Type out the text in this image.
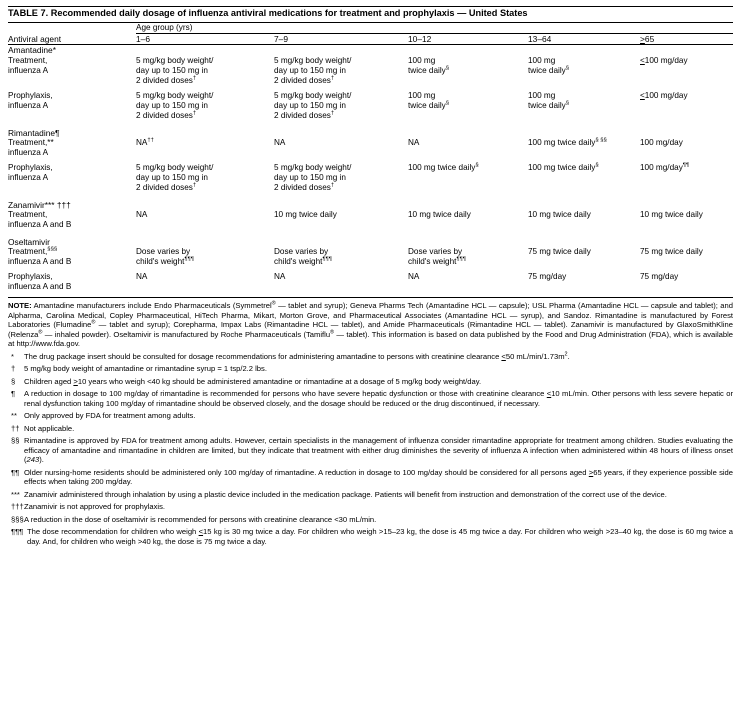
TABLE 7. Recommended daily dosage of influenza antiviral medications for treatment and prophylaxis — United States
	Age group (yrs)				
Antiviral agent	1–6	7–9	10–12	13–64	>65

Amantadine*					

Treatment,
influenza A
	5 mg/kg body weight/
day up to 150 mg in
2 divided doses†	5 mg/kg body weight/
day up to 150 mg in
2 divided doses†	100 mg
twice daily§	100 mg
twice daily§	<100 mg/day

Prophylaxis,
influenza A
	5 mg/kg body weight/
day up to 150 mg in
2 divided doses†	5 mg/kg body weight/
day up to 150 mg in
2 divided doses†	100 mg
twice daily§	100 mg
twice daily§	<100 mg/day

Rimantadine¶					

Treatment,**
influenza A	NA††	NA	NA	100 mg twice daily§ §§	100 mg/day

Prophylaxis,
influenza A
	5 mg/kg body weight/
day up to 150 mg in
2 divided doses†	5 mg/kg body weight/
day up to 150 mg in
2 divided doses†	100 mg twice daily§	100 mg twice daily§	100 mg/day¶¶

Zanamivir*** †††					

Treatment,
influenza A and B	NA	10 mg twice daily	10 mg twice daily	10 mg twice daily	10 mg twice daily

Oseltamivir					

Treatment,§§§
influenza A and B
	Dose varies by
child's weight¶¶¶	Dose varies by
child's weight¶¶¶	Dose varies by
child's weight¶¶¶	75 mg twice daily	75 mg twice daily

Prophylaxis,
influenza A and B	NA	NA	NA	75 mg/day	75 mg/day

NOTE: Amantadine manufacturers include Endo Pharmaceuticals (Symmetrel® — tablet and syrup); Geneva Pharms Tech (Amantadine HCL — capsule); USL Pharma (Amantadine HCL — capsule and tablet); and Alpharma, Carolina Medical, Copley Pharmaceutical, HiTech Pharma, Mikart, Morton Grove, and Pharmaceutical Associates (Amantadine HCL — syrup), and Sandoz. Rimantadine is manufactured by Forest Laboratories (Flumadine® — tablet and syrup); Corepharma, Impax Labs (Rimantadine HCL — tablet), and Amide Pharmaceuticals (Rimantadine HCL — tablet). Zanamivir is manufactured by GlaxoSmithKline (Relenza® — inhaled powder). Oseltamivir is manufactured by Roche Pharmaceuticals (Tamiflu® — tablet). This information is based on data published by the Food and Drug Administration (FDA), which is available at http://www.fda.gov.
*	The drug package insert should be consulted for dosage recommendations for administering amantadine to persons with creatinine clearance <50 $mL/\min/1.73m^2$.
†	5 mg/kg body weight of amantadine or rimantadine syrup = 1 tsp/2.2 lbs.
§	Children aged >10 years who weigh <40 kg should be administered amantadine or rimantadine at a dosage of 5 mg/kg body weight/day.
¶	A reduction in dosage to 100 mg/day of rimantadine is recommended for persons who have severe hepatic dysfunction or those with creatinine clearance <10 mL/min. Other persons with less severe hepatic or renal dysfunction taking 100 mg/day of rimantadine should be observed closely, and the dosage should be reduced or the drug discontinued, if necessary.
** Only approved by FDA for treatment among adults.
†† Not applicable.
§§ Rimantadine is approved by FDA for treatment among adults. However, certain specialists in the management of influenza consider rimantadine appropriate for treatment among children. Studies evaluating the efficacy of amantadine and rimantadine in children are limited, but they indicate that treatment with either drug diminishes the severity of influenza A infection when administered within 48 hours of illness onset (243).
¶¶ Older nursing-home residents should be administered only 100 mg/day of rimantadine. A reduction in dosage to 100 mg/day should be considered for all persons aged >65 years, if they experience possible side effects when taking 200 mg/day.
*** Zanamivir administered through inhalation by using a plastic device included in the medication package. Patients will benefit from instruction and demonstration of the correct use of the device.
††† Zanamivir is not approved for prophylaxis.
§§§ A reduction in the dose of oseltamivir is recommended for persons with creatinine clearance <30 mL/min.
¶¶¶ The dose recommendation for children who weigh <15 kg is 30 mg twice a day. For children who weigh >15–23 kg, the dose is 45 mg twice a day. For children who weigh >23–40 kg, the dose is 60 mg twice a day. And, for children who weigh >40 kg, the dose is 75 mg twice a day.
